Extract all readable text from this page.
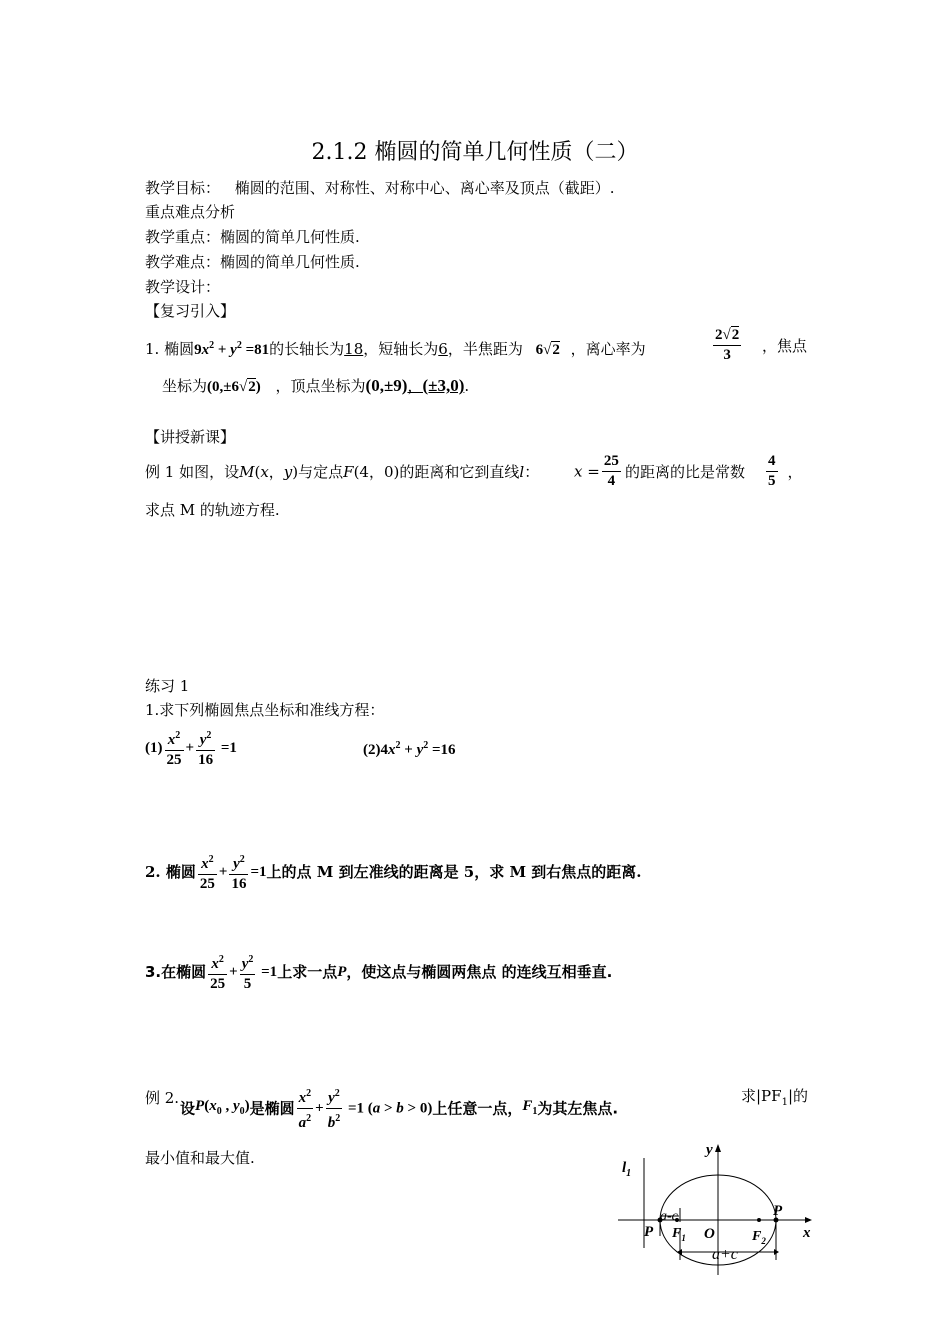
2.1.2 椭圆的简单几何性质（二）
教学目标： 椭圆的范围、对称性、对称中心、离心率及顶点（截距）.
重点难点分析
教学重点：椭圆的简单几何性质.
教学难点：椭圆的简单几何性质.
教学设计：
【复习引入】
1. 椭圆$9x^2 + y^2 =81$的长轴长为18，短轴长为6，半焦距为 6√2 ，离心率为	$\frac{2√2}{3}$ ，焦点
坐标为(0,±6√2) ，顶点坐标为(0,±9)，(±3,0).
【讲授新课】
例 1 如图，设M(x，y)与定点F(4，0)的距离和它到直线l： $x = \frac{25}{4}$ 的距离的比是常数 $\frac{4}{5}$ ，
求点 M 的轨迹方程.
练习 1
1.求下列椭圆焦点坐标和准线方程：
$(1) \frac{x^2}{25} + \frac{y^2}{16} =1$	$(2)4x^2 + y^2 =16$
2. 椭圆 $\frac{x^2}{25} + \frac{y^2}{16} =1$上的点 M 到左准线的距离是 5，求 M 到右焦点的距离.
3.在椭圆 $\frac{x^2}{25} + \frac{y^2}{5} =1$上求一点P，使这点与椭圆两焦点 的连线互相垂直.
例 2.
设$P(x_0$ , $y_0$)是椭圆 $\frac{x^2}{a^2} + \frac{y^2}{b^2} =1$ (a > b > 0)上任意一点，$F_1$为其左焦点.
求$|PF_1|$的
最小值和最大值.	y
x
$l_1$
O
P
P
$F_1$	$F_2$
a-c
a+c
